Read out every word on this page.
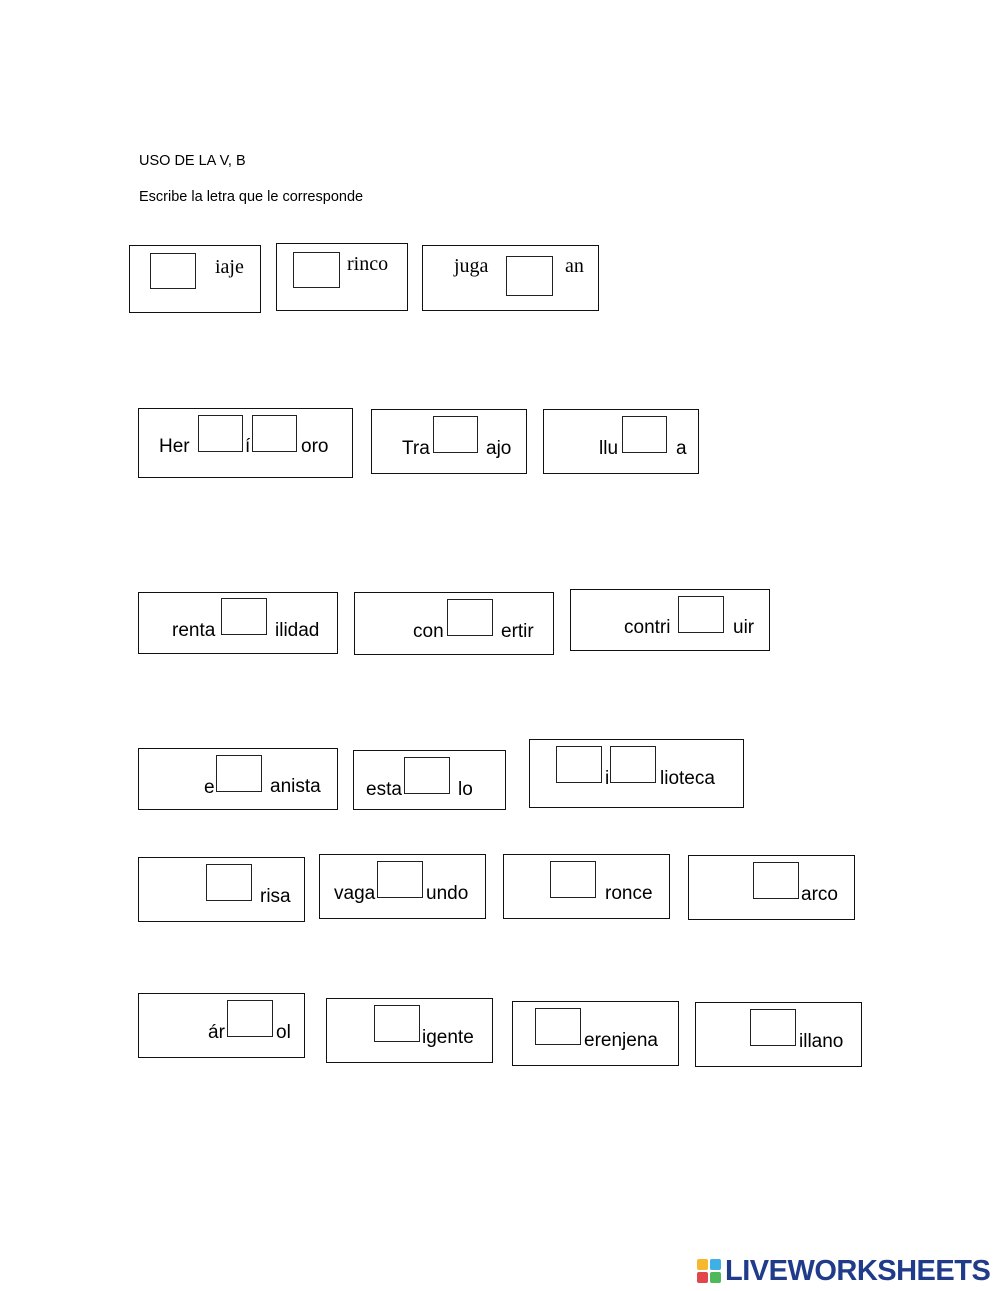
USO DE LA V, B
Escribe la letra que le corresponde
iaje	rinco	juga	an
Her	í	oro	Tra	ajo	llu	a
renta	ilidad	con	ertir	contri	uir
e	anista esta	lo
i	lioteca
risa vaga	undo	ronce	arco
ár	ol	igente	erenjena	illano
LIVEWORKSHEETS
